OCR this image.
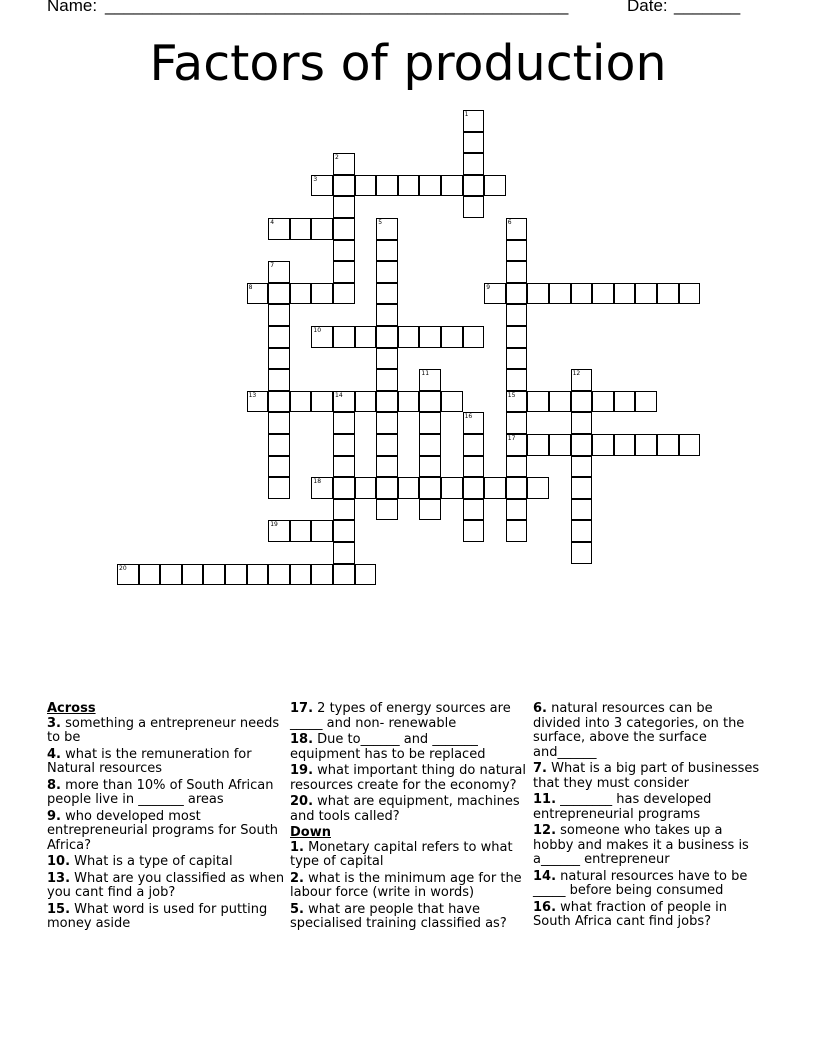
Name: _________________________________________________	Date: _______
Factors of production
1
2
3
4	5	6
15
17
7
8	9
10
11	12
13	14
16
18
19
20
Across
3. something a entrepreneur needs to be
4. what is the remuneration for Natural resources
8. more than 10% of South African people live in _______ areas
9. who developed most entrepreneurial programs for South Africa?
10. What is a type of capital
13. What are you classified as when you cant find a job?
15. What word is used for putting money aside
17. 2 types of energy sources are _____ and non- renewable
18. Due to______ and _______ equipment has to be replaced
19. what important thing do natural resources create for the economy?
20. what are equipment, machines and tools called?
Down
1. Monetary capital refers to what type of capital
2. what is the minimum age for the labour force (write in words)
5. what are people that have specialised training classified as?
6. natural resources can be divided into 3 categories, on the surface, above the surface and______
7. What is a big part of businesses that they must consider
11. ________ has developed entrepreneurial programs
12. someone who takes up a hobby and makes it a business is a______ entrepreneur
14. natural resources have to be _____ before being consumed
16. what fraction of people in South Africa cant find jobs?
